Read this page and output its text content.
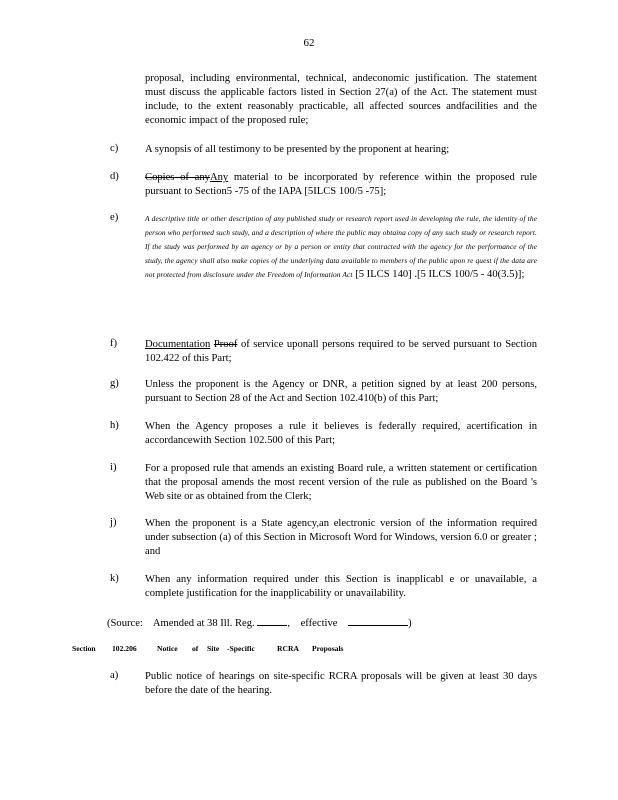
62
proposal, including environmental, technical, andeconomic justification. The statement must discuss the applicable factors listed in Section 27(a) of the Act. The statement must include, to the extent reasonably practicable, all affected sources andfacilities and the economic impact of the proposed rule;
c)	A synopsis of all testimony to be presented by the proponent at hearing;
d) Copies of anyAny material to be incorporated by reference within the proposed rule pursuant to Section5 -75 of the IAPA [5ILCS 100/5 -75];
e)	A descriptive title or other description of any published study or research report used in developing the rule, the identity of the person who performed such study, and a description of where the public may obtaina copy of any such study or research report. If the study was performed by an agency or by a person or entity that contracted with the agency for the performance of the study, the agency shall also make copies of the underlying data available to members of the public upon re quest if the data are not protected from disclosure under the Freedom of Information Act [5 ILCS 140] .[5 ILCS 100/5 - 40(3.5)];
f)	Documentation Proof of service uponall persons required to be served pursuant to Section 102.422 of this Part;
g) Unless the proponent is the Agency or DNR, a petition signed by at least 200 persons, pursuant to Section 28 of the Act and Section 102.410(b) of this Part;
h) When the Agency proposes a rule it believes is federally required, acertification in accordancewith Section 102.500 of this Part;
i)	For a proposed rule that amends an existing Board rule, a written statement or certification that the proposal amends the most recent version of the rule as published on the Board 's Web site or as obtained from the Clerk;
j)	When the proponent is a State agency,an electronic version of the information required under subsection (a) of this Section in Microsoft Word for Windows, version 6.0 or greater ; and
k) When any information required under this Section is inapplicabl e or unavailable, a complete justification for the inapplicability or unavailability.
(Source: Amended at 38 Ill. Reg.	, effective	)
Section 102.206	Notice of Site -Specific	RCRA Proposals
a)	Public notice of hearings on site-specific RCRA proposals will be given at least 30 days before the date of the hearing.
